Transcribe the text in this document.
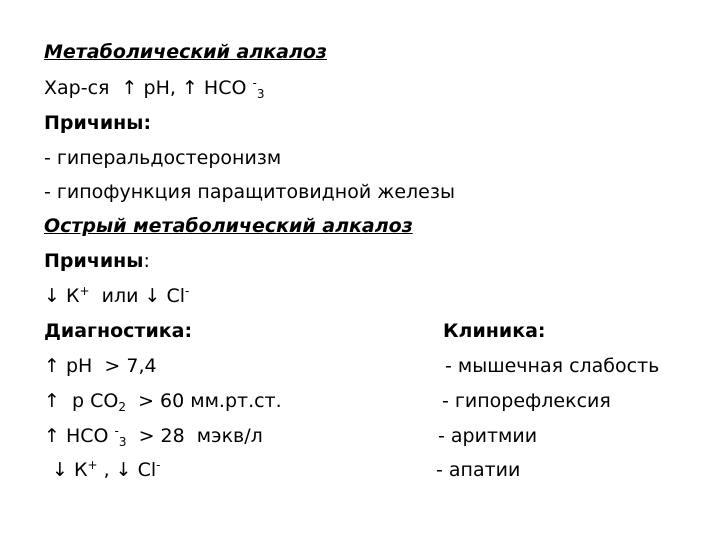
Метаболический алкалоз
Хар-ся ↑ pH, ↑ НСО -$_3$
Причины:
- гиперальдостеронизм
- гипофункция паращитовидной железы
Острый метаболический алкалоз
Причины:
↓ К+ или ↓ Cl-
Диагностика:
↑ pH  > 7,4
↑ p $CO_2 > 60$ мм.рт.ст.
↑ НСО -$_3$  > 28  мэкв/л
↓ К+ , ↓ Cl-
Клиника:
- мышечная слабость
- гипорефлексия
- аритмии
- апатии
